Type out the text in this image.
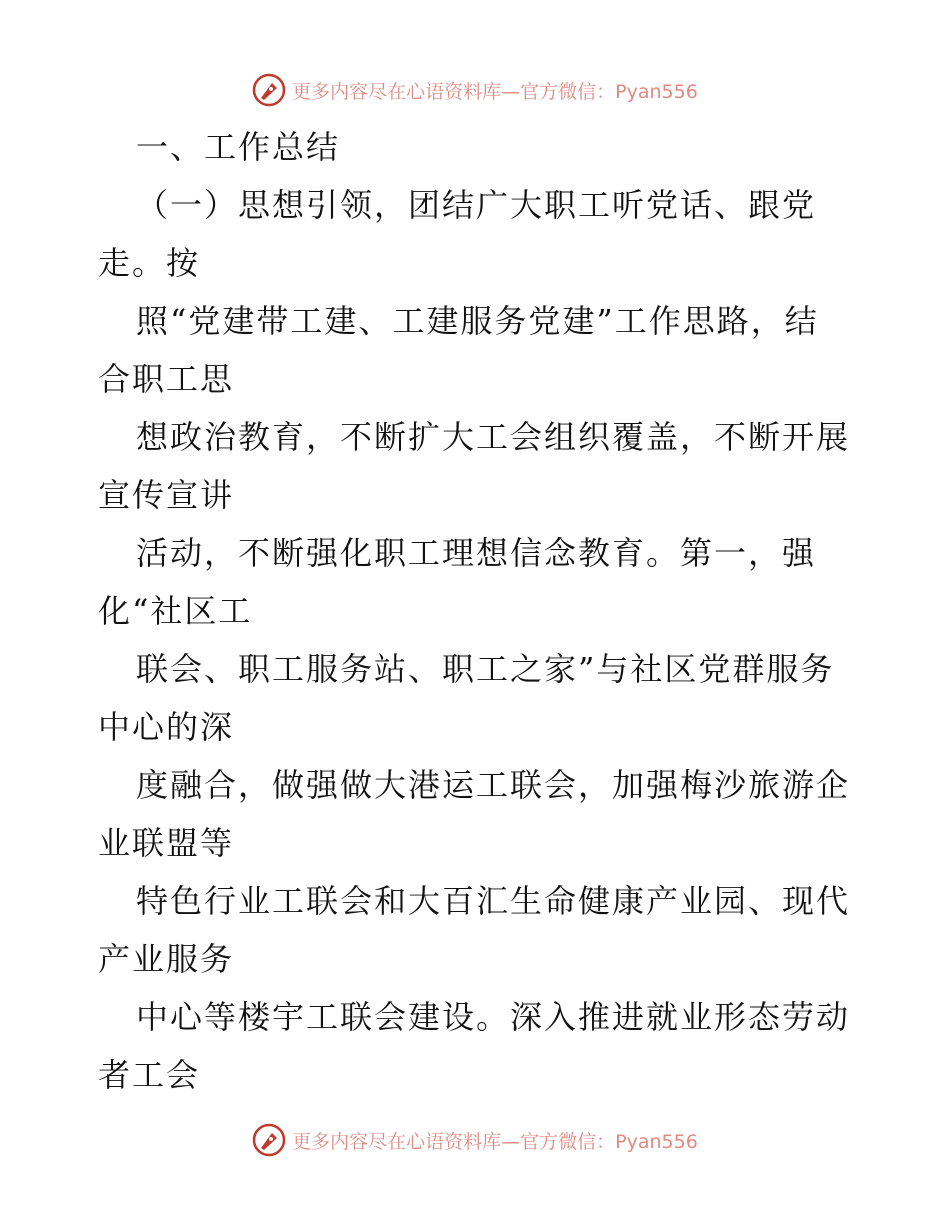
更多内容尽在心语资料库—官方微信：Pyan556
一、工作总结
（一）思想引领，团结广大职工听党话、跟党
走。按
照“党建带工建、工建服务党建”工作思路，结
合职工思
想政治教育，不断扩大工会组织覆盖，不断开展
宣传宣讲
活动，不断强化职工理想信念教育。第一，强
化“社区工
联会、职工服务站、职工之家”与社区党群服务
中心的深
度融合，做强做大港运工联会，加强梅沙旅游企
业联盟等
特色行业工联会和大百汇生命健康产业园、现代
产业服务
中心等楼宇工联会建设。深入推进就业形态劳动
者工会
更多内容尽在心语资料库—官方微信：Pyan556
